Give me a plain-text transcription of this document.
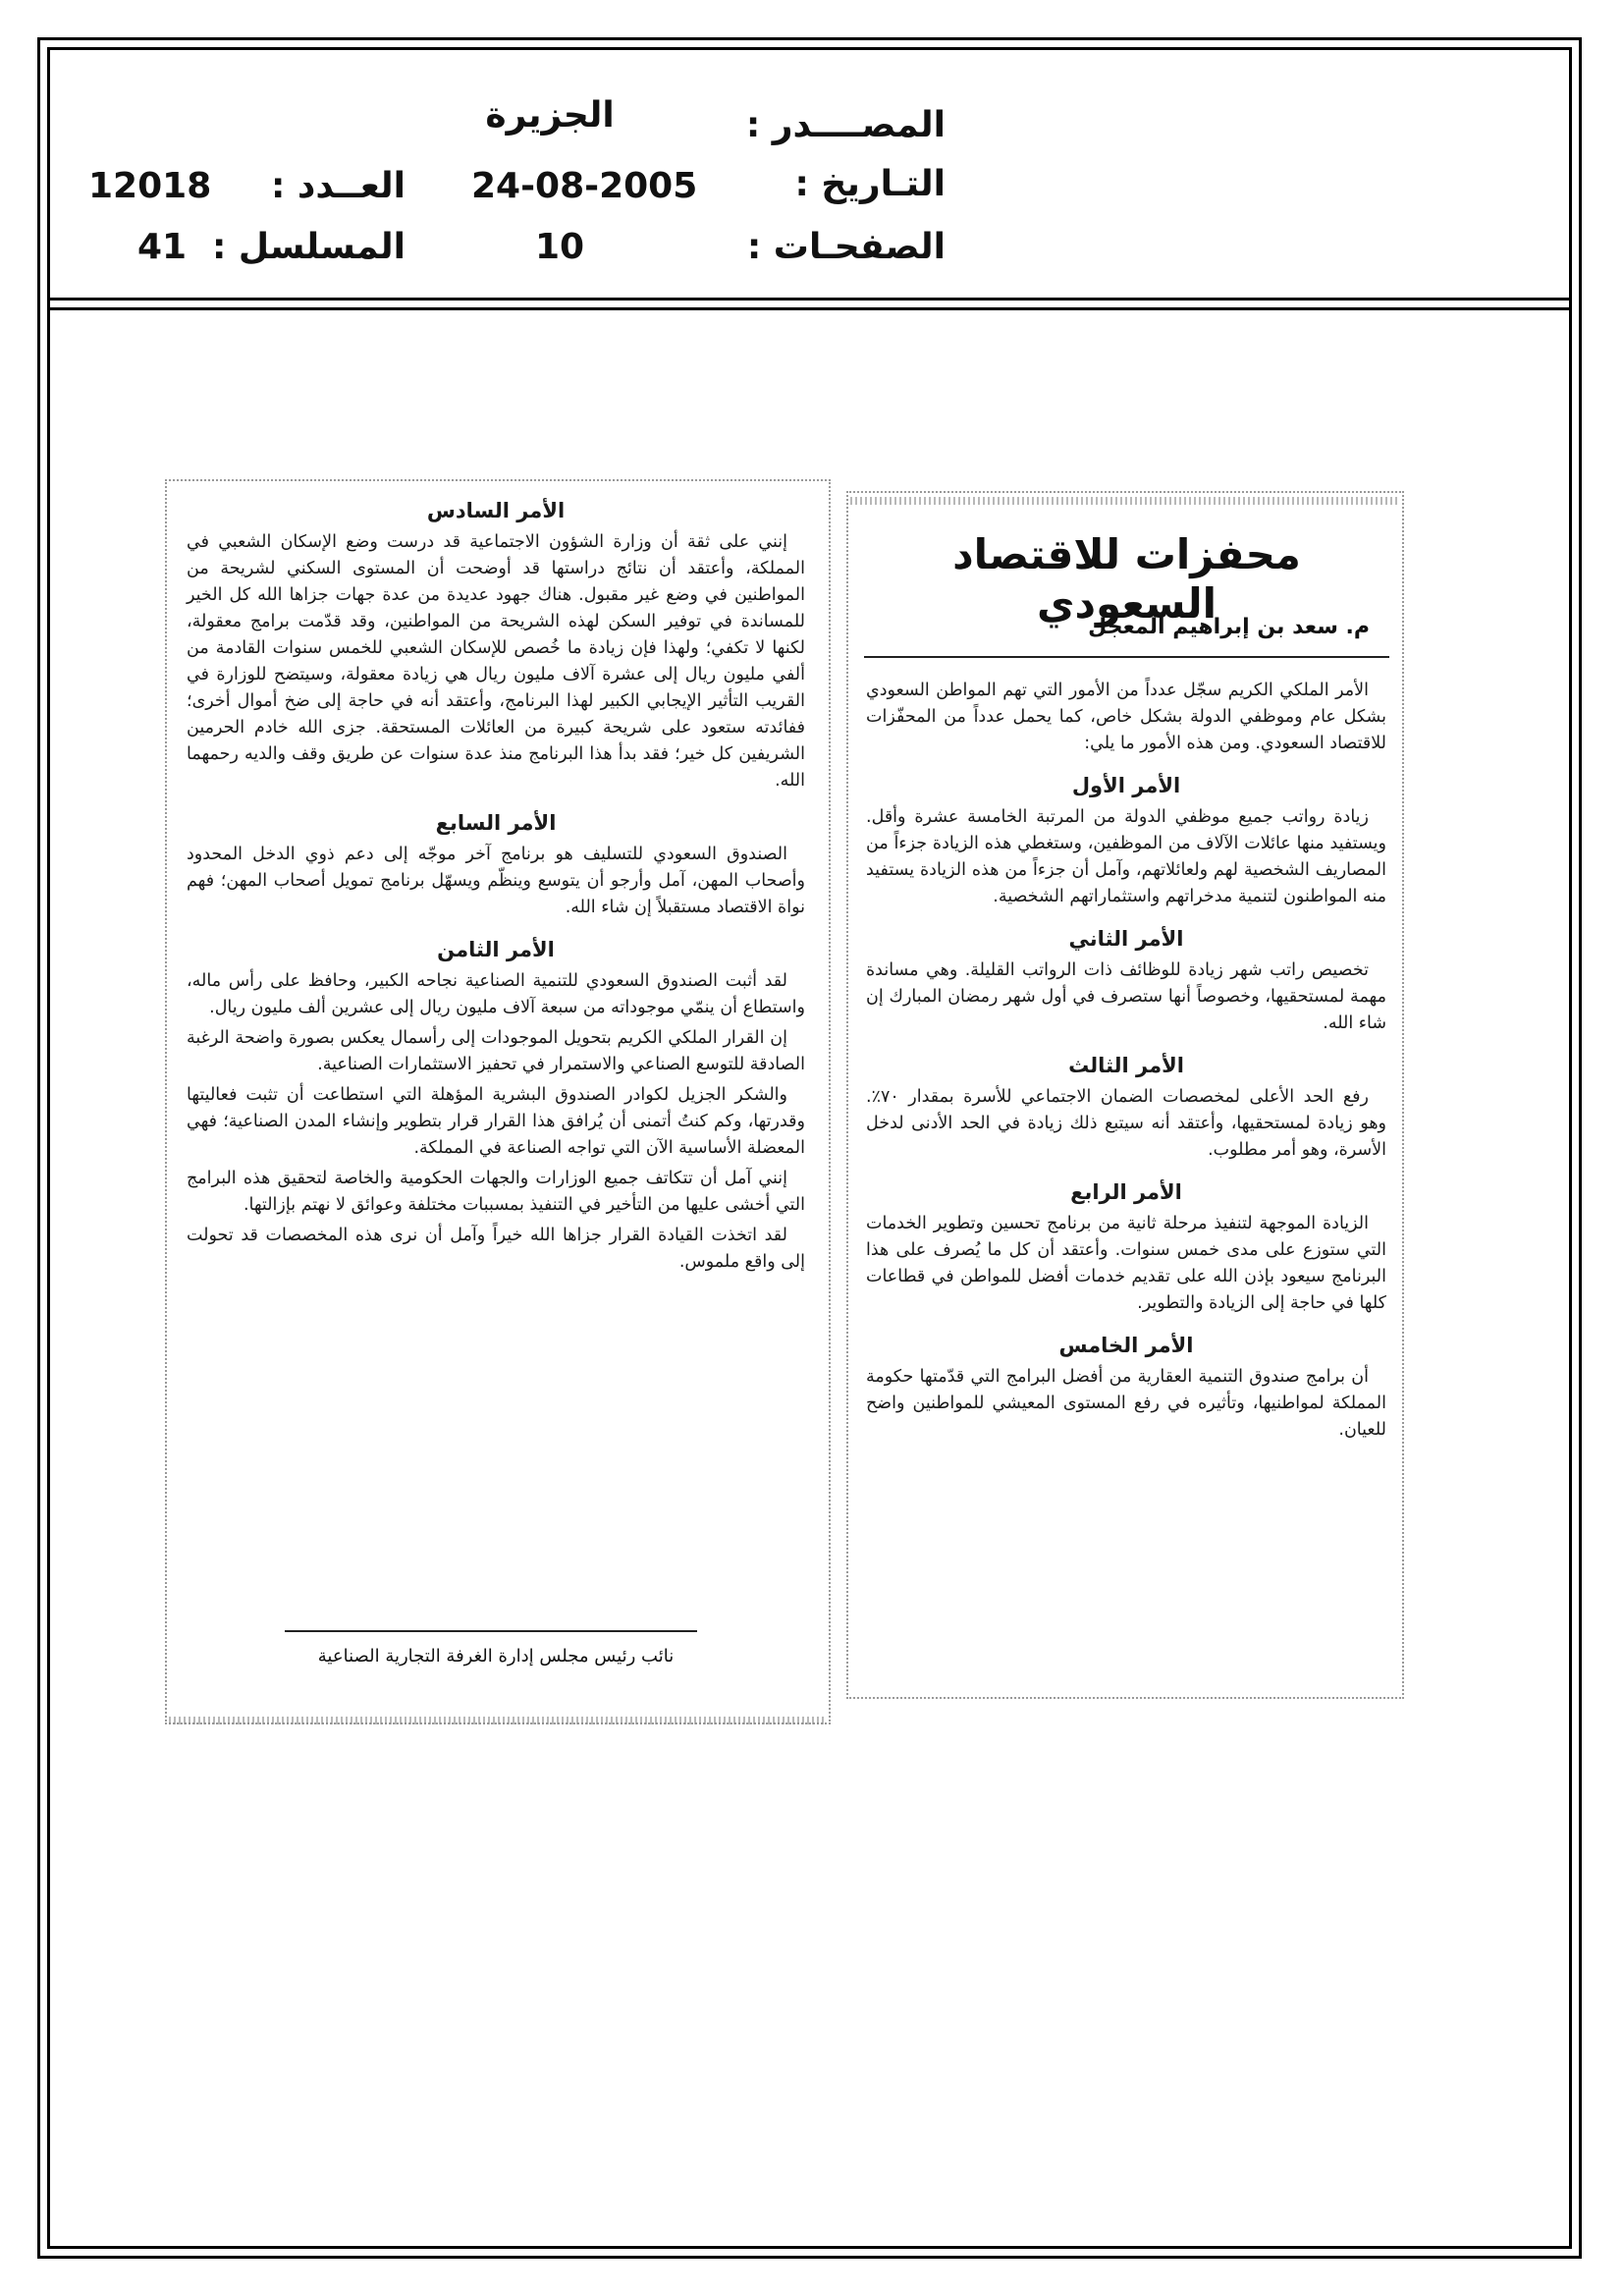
المصــــدر :
الجزيرة
التـاريخ :
24-08-2005
العــدد :
12018
الصفحـات :
10
المسلسل :
41
محفزات للاقتصاد السعودي
م. سعد بن إبراهيم المعجل

الأمر الملكي الكريم سجّل عدداً من الأمور التي تهم المواطن السعودي بشكل عام وموظفي الدولة بشكل خاص، كما يحمل عدداً من المحفّزات للاقتصاد السعودي. ومن هذه الأمور ما يلي:

الأمر الأول

زيادة رواتب جميع موظفي الدولة من المرتبة الخامسة عشرة وأقل. ويستفيد منها عائلات الآلاف من الموظفين، وستغطي هذه الزيادة جزءاً من المصاريف الشخصية لهم ولعائلاتهم، وآمل أن جزءاً من هذه الزيادة يستفيد منه المواطنون لتنمية مدخراتهم واستثماراتهم الشخصية.

الأمر الثاني

تخصيص راتب شهر زيادة للوظائف ذات الرواتب القليلة. وهي مساندة مهمة لمستحقيها، وخصوصاً أنها ستصرف في أول شهر رمضان المبارك إن شاء الله.

الأمر الثالث

رفع الحد الأعلى لمخصصات الضمان الاجتماعي للأسرة بمقدار ٧٠٪. وهو زيادة لمستحقيها، وأعتقد أنه سيتبع ذلك زيادة في الحد الأدنى لدخل الأسرة، وهو أمر مطلوب.

الأمر الرابع

الزيادة الموجهة لتنفيذ مرحلة ثانية من برنامج تحسين وتطوير الخدمات التي ستوزع على مدى خمس سنوات. وأعتقد أن كل ما يُصرف على هذا البرنامج سيعود بإذن الله على تقديم خدمات أفضل للمواطن في قطاعات كلها في حاجة إلى الزيادة والتطوير.

الأمر الخامس

أن برامج صندوق التنمية العقارية من أفضل البرامج التي قدّمتها حكومة المملكة لمواطنيها، وتأثيره في رفع المستوى المعيشي للمواطنين واضح للعيان.

الأمر السادس

إنني على ثقة أن وزارة الشؤون الاجتماعية قد درست وضع الإسكان الشعبي في المملكة، وأعتقد أن نتائج دراستها قد أوضحت أن المستوى السكني لشريحة من المواطنين في وضع غير مقبول. هناك جهود عديدة من عدة جهات جزاها الله كل الخير للمساندة في توفير السكن لهذه الشريحة من المواطنين، وقد قدّمت برامج معقولة، لكنها لا تكفي؛ ولهذا فإن زيادة ما خُصص للإسكان الشعبي للخمس سنوات القادمة من ألفي مليون ريال إلى عشرة آلاف مليون ريال هي زيادة معقولة، وسيتضح للوزارة في القريب التأثير الإيجابي الكبير لهذا البرنامج، وأعتقد أنه في حاجة إلى ضخ أموال أخرى؛ ففائدته ستعود على شريحة كبيرة من العائلات المستحقة. جزى الله خادم الحرمين الشريفين كل خير؛ فقد بدأ هذا البرنامج منذ عدة سنوات عن طريق وقف والديه رحمهما الله.

الأمر السابع

الصندوق السعودي للتسليف هو برنامج آخر موجّه إلى دعم ذوي الدخل المحدود وأصحاب المهن، آمل وأرجو أن يتوسع وينظّم ويسهّل برنامج تمويل أصحاب المهن؛ فهم نواة الاقتصاد مستقبلاً إن شاء الله.

الأمر الثامن

لقد أثبت الصندوق السعودي للتنمية الصناعية نجاحه الكبير، وحافظ على رأس ماله، واستطاع أن ينمّي موجوداته من سبعة آلاف مليون ريال إلى عشرين ألف مليون ريال.

إن القرار الملكي الكريم بتحويل الموجودات إلى رأسمال يعكس بصورة واضحة الرغبة الصادقة للتوسع الصناعي والاستمرار في تحفيز الاستثمارات الصناعية.

والشكر الجزيل لكوادر الصندوق البشرية المؤهلة التي استطاعت أن تثبت فعاليتها وقدرتها، وكم كنتُ أتمنى أن يُرافق هذا القرار قرار بتطوير وإنشاء المدن الصناعية؛ فهي المعضلة الأساسية الآن التي تواجه الصناعة في المملكة.

إنني آمل أن تتكاتف جميع الوزارات والجهات الحكومية والخاصة لتحقيق هذه البرامج التي أخشى عليها من التأخير في التنفيذ بمسببات مختلفة وعوائق لا نهتم بإزالتها.

لقد اتخذت القيادة القرار جزاها الله خيراً وآمل أن نرى هذه المخصصات قد تحولت إلى واقع ملموس.

نائب رئيس مجلس إدارة الغرفة التجارية الصناعية
